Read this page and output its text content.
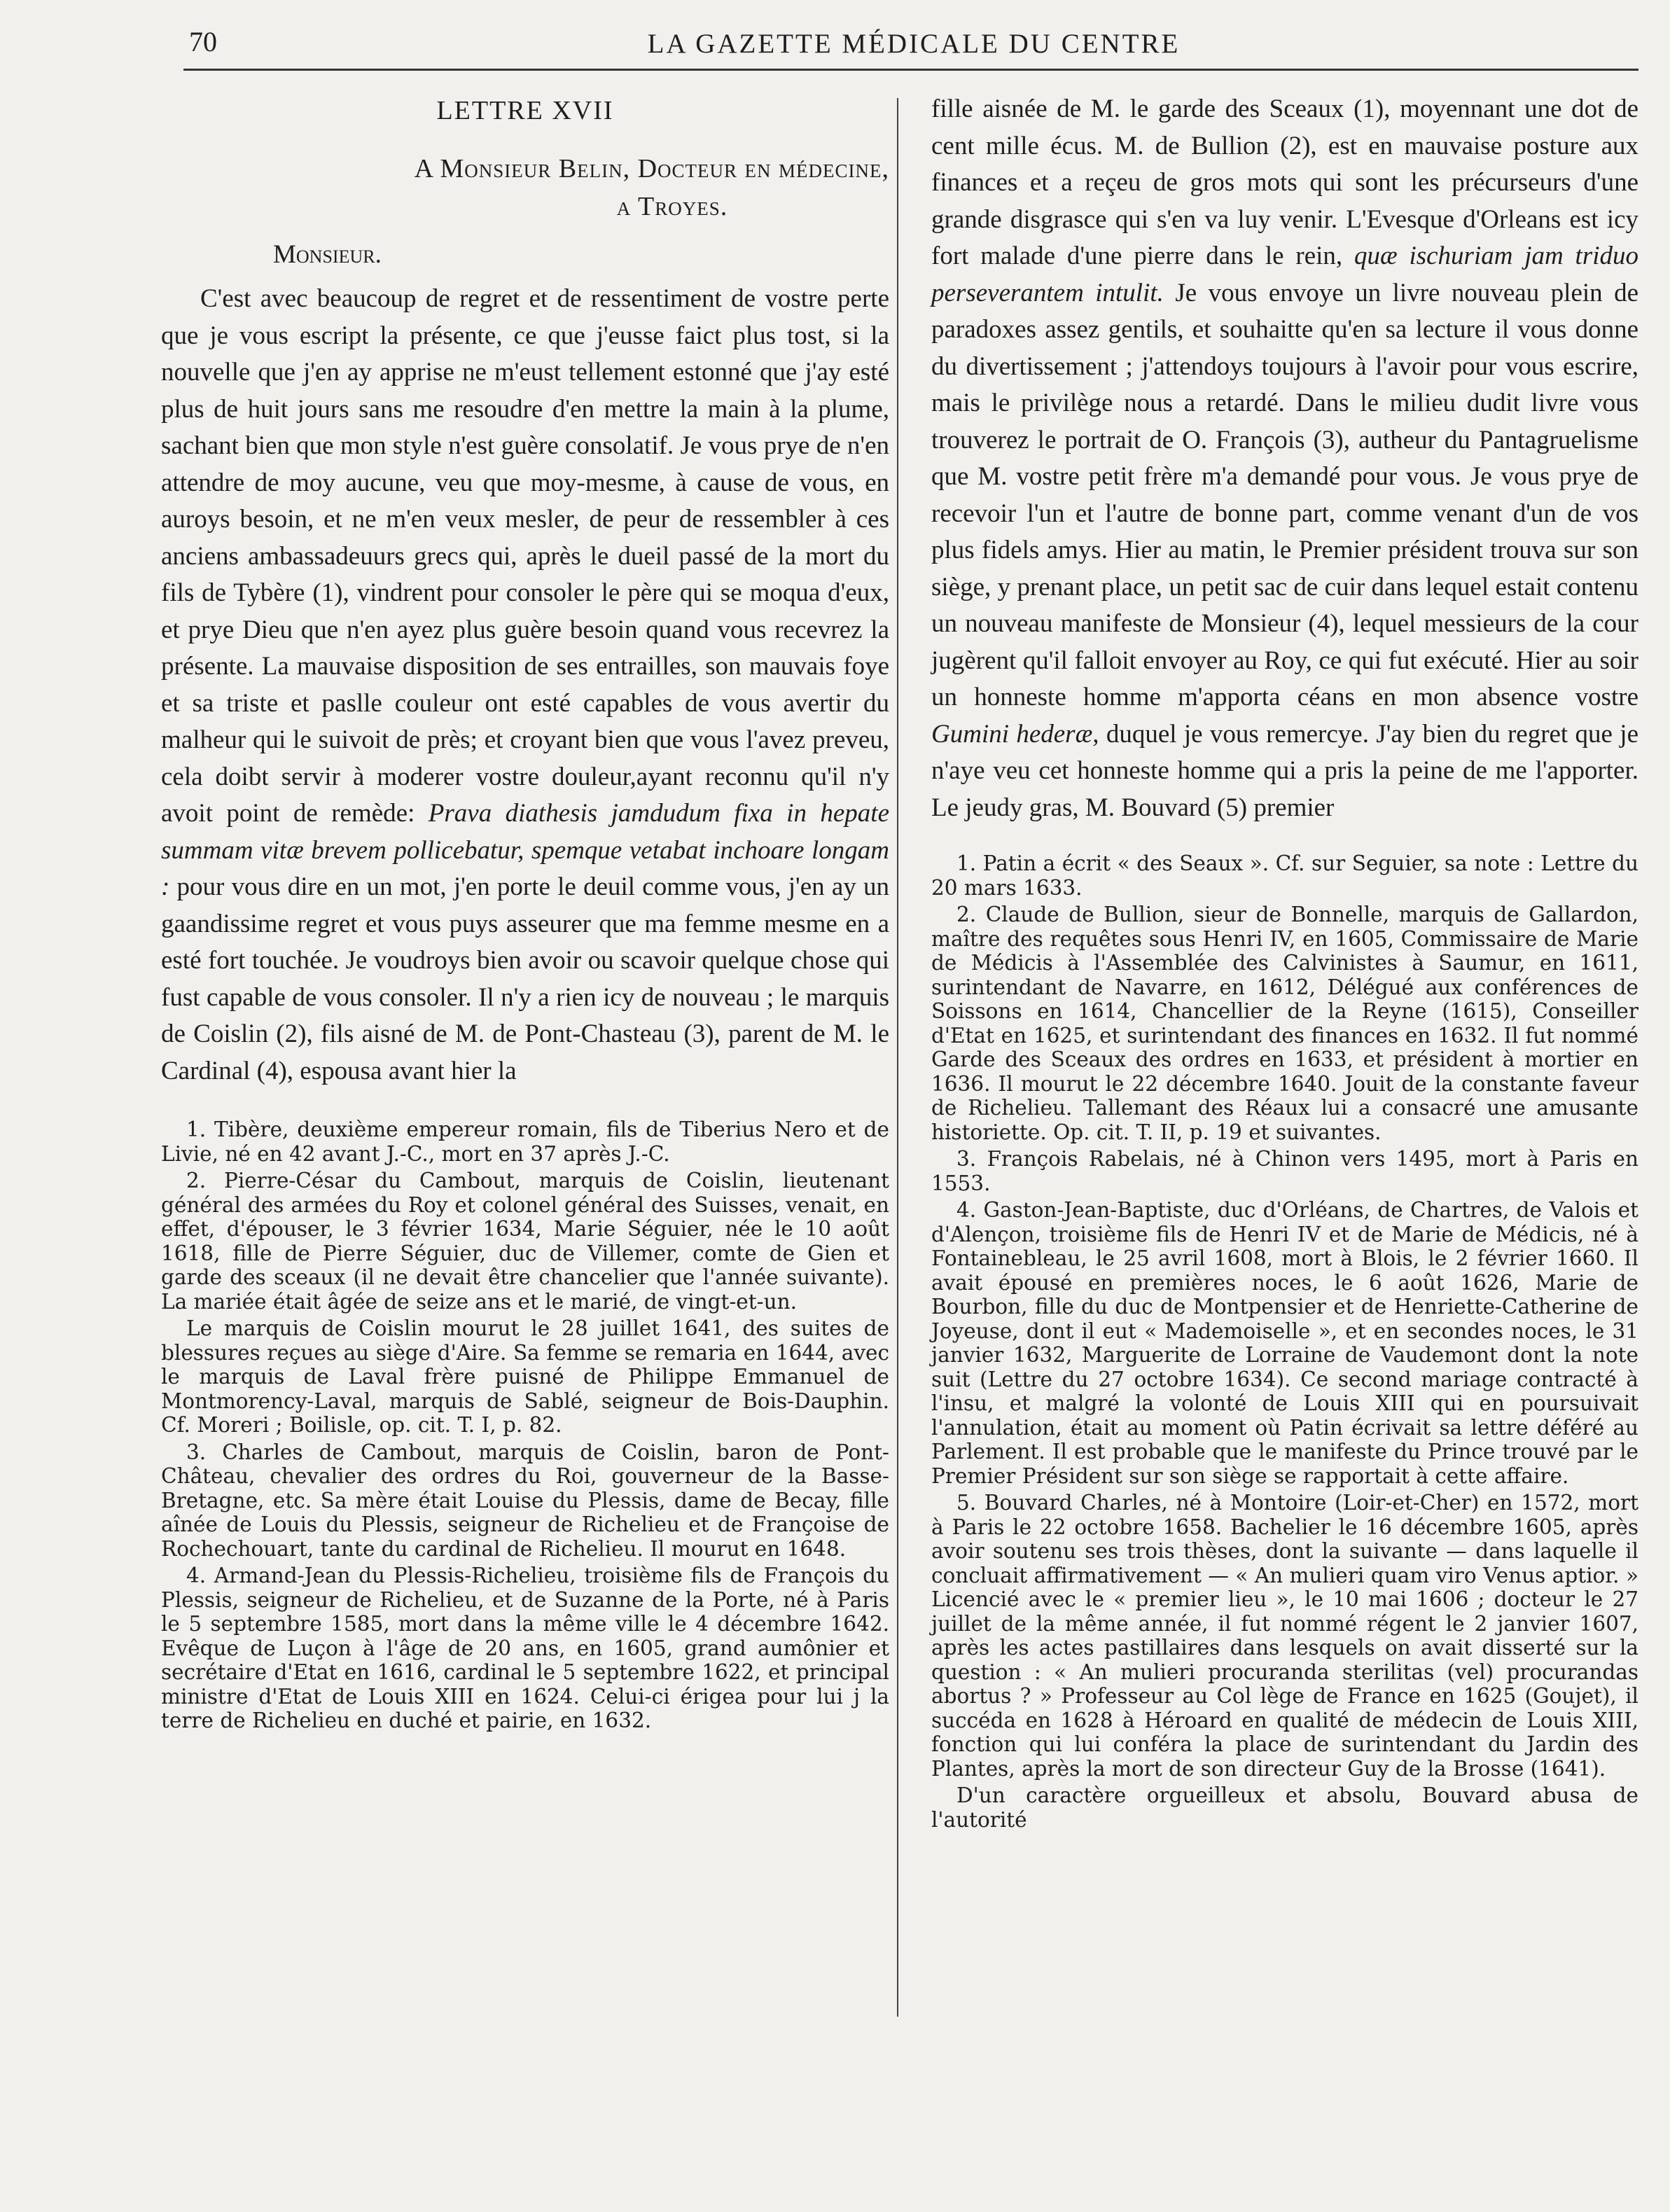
70	LA GAZETTE MÉDICALE DU CENTRE
LETTRE XVII
A Monsieur Belin, Docteur en médecine,
a Troyes.
Monsieur.

C'est avec beaucoup de regret et de ressentiment de vostre perte que je vous escript la présente, ce que j'eusse faict plus tost, si la nouvelle que j'en ay apprise ne m'eust tellement estonné que j'ay esté plus de huit jours sans me resoudre d'en mettre la main à la plume, sachant bien que mon style n'est guère consolatif. Je vous prye de n'en attendre de moy aucune, veu que moy-mesme, à cause de vous, en auroys besoin, et ne m'en veux mesler, de peur de ressembler à ces anciens ambassadeuurs grecs qui, après le dueil passé de la mort du fils de Tybère (1), vindrent pour consoler le père qui se moqua d'eux, et prye Dieu que n'en ayez plus guère besoin quand vous recevrez la présente. La mauvaise disposition de ses entrailles, son mauvais foye et sa triste et paslle couleur ont esté capables de vous avertir du malheur qui le suivoit de près; et croyant bien que vous l'avez preveu, cela doibt servir à moderer vostre douleur,ayant reconnu qu'il n'y avoit point de remède: Prava diathesis jamdudum fixa in hepate summam vitæ brevem pollicebatur, spemque vetabat inchoare longam : pour vous dire en un mot, j'en porte le deuil comme vous, j'en ay un gaandissime regret et vous puys asseurer que ma femme mesme en a esté fort touchée. Je voudroys bien avoir ou scavoir quelque chose qui fust capable de vous consoler. Il n'y a rien icy de nouveau ; le marquis de Coislin (2), fils aisné de M. de Pont-Chasteau (3), parent de M. le Cardinal (4), espousa avant hier la

1. Tibère, deuxième empereur romain, fils de Tiberius Nero et de Livie, né en 42 avant J.-C., mort en 37 après J.-C.

2. Pierre-César du Cambout, marquis de Coislin, lieutenant général des armées du Roy et colonel général des Suisses, venait, en effet, d'épouser, le 3 février 1634, Marie Séguier, née le 10 août 1618, fille de Pierre Séguier, duc de Villemer, comte de Gien et garde des sceaux (il ne devait être chancelier que l'année suivante). La mariée était âgée de seize ans et le marié, de vingt-et-un.

Le marquis de Coislin mourut le 28 juillet 1641, des suites de blessures reçues au siège d'Aire. Sa femme se remaria en 1644, avec le marquis de Laval frère puisné de Philippe Emmanuel de Montmorency-Laval, marquis de Sablé, seigneur de Bois-Dauphin. Cf. Moreri ; Boilisle, op. cit. T. I, p. 82.

3. Charles de Cambout, marquis de Coislin, baron de Pont-Château, chevalier des ordres du Roi, gouverneur de la Basse-Bretagne, etc. Sa mère était Louise du Plessis, dame de Becay, fille aînée de Louis du Plessis, seigneur de Richelieu et de Françoise de Rochechouart, tante du cardinal de Richelieu. Il mourut en 1648.

4. Armand-Jean du Plessis-Richelieu, troisième fils de François du Plessis, seigneur de Richelieu, et de Suzanne de la Porte, né à Paris le 5 septembre 1585, mort dans la même ville le 4 décembre 1642. Evêque de Luçon à l'âge de 20 ans, en 1605, grand aumônier et secrétaire d'Etat en 1616, cardinal le 5 septembre 1622, et principal ministre d'Etat de Louis XIII en 1624. Celui-ci érigea pour lui j la terre de Richelieu en duché et pairie, en 1632.

fille aisnée de M. le garde des Sceaux (1), moyennant une dot de cent mille écus. M. de Bullion (2), est en mauvaise posture aux finances et a reçeu de gros mots qui sont les précurseurs d'une grande disgrasce qui s'en va luy venir. L'Evesque d'Orleans est icy fort malade d'une pierre dans le rein, quæ ischuriam jam triduo perseverantem intulit. Je vous envoye un livre nouveau plein de paradoxes assez gentils, et souhaitte qu'en sa lecture il vous donne du divertissement ; j'attendoys toujours à l'avoir pour vous escrire, mais le privilège nous a retardé. Dans le milieu dudit livre vous trouverez le portrait de O. François (3), autheur du Pantagruelisme que M. vostre petit frère m'a demandé pour vous. Je vous prye de recevoir l'un et l'autre de bonne part, comme venant d'un de vos plus fidels amys. Hier au matin, le Premier président trouva sur son siège, y prenant place, un petit sac de cuir dans lequel estait contenu un nouveau manifeste de Monsieur (4), lequel messieurs de la cour jugèrent qu'il falloit envoyer au Roy, ce qui fut exécuté. Hier au soir un honneste homme m'apporta céans en mon absence vostre Gumini hederæ, duquel je vous remercye. J'ay bien du regret que je n'aye veu cet honneste homme qui a pris la peine de me l'apporter. Le jeudy gras, M. Bouvard (5) premier

1. Patin a écrit « des Seaux ». Cf. sur Seguier, sa note : Lettre du 20 mars 1633.

2. Claude de Bullion, sieur de Bonnelle, marquis de Gallardon, maître des requêtes sous Henri IV, en 1605, Commissaire de Marie de Médicis à l'Assemblée des Calvinistes à Saumur, en 1611, surintendant de Navarre, en 1612, Délégué aux conférences de Soissons en 1614, Chancellier de la Reyne (1615), Conseiller d'Etat en 1625, et surintendant des finances en 1632. Il fut nommé Garde des Sceaux des ordres en 1633, et président à mortier en 1636. Il mourut le 22 décembre 1640. Jouit de la constante faveur de Richelieu. Tallemant des Réaux lui a consacré une amusante historiette. Op. cit. T. II, p. 19 et suivantes.

3. François Rabelais, né à Chinon vers 1495, mort à Paris en 1553.

4. Gaston-Jean-Baptiste, duc d'Orléans, de Chartres, de Valois et d'Alençon, troisième fils de Henri IV et de Marie de Médicis, né à Fontainebleau, le 25 avril 1608, mort à Blois, le 2 février 1660. Il avait épousé en premières noces, le 6 août 1626, Marie de Bourbon, fille du duc de Montpensier et de Henriette-Catherine de Joyeuse, dont il eut « Mademoiselle », et en secondes noces, le 31 janvier 1632, Marguerite de Lorraine de Vaudemont dont la note suit (Lettre du 27 octobre 1634). Ce second mariage contracté à l'insu, et malgré la volonté de Louis XIII qui en poursuivait l'annulation, était au moment où Patin écrivait sa lettre déféré au Parlement. Il est probable que le manifeste du Prince trouvé par le Premier Président sur son siège se rapportait à cette affaire.

5. Bouvard Charles, né à Montoire (Loir-et-Cher) en 1572, mort à Paris le 22 octobre 1658. Bachelier le 16 décembre 1605, après avoir soutenu ses trois thèses, dont la suivante — dans laquelle il concluait affirmativement — « An mulieri quam viro Venus aptior. » Licencié avec le « premier lieu », le 10 mai 1606 ; docteur le 27 juillet de la même année, il fut nommé régent le 2 janvier 1607, après les actes pastillaires dans lesquels on avait disserté sur la question : « An mulieri procuranda sterilitas (vel) procurandas abortus ? » Professeur au Col lège de France en 1625 (Goujet), il succéda en 1628 à Héroard en qualité de médecin de Louis XIII, fonction qui lui conféra la place de surintendant du Jardin des Plantes, après la mort de son directeur Guy de la Brosse (1641).

D'un caractère orgueilleux et absolu, Bouvard abusa de l'autorité
